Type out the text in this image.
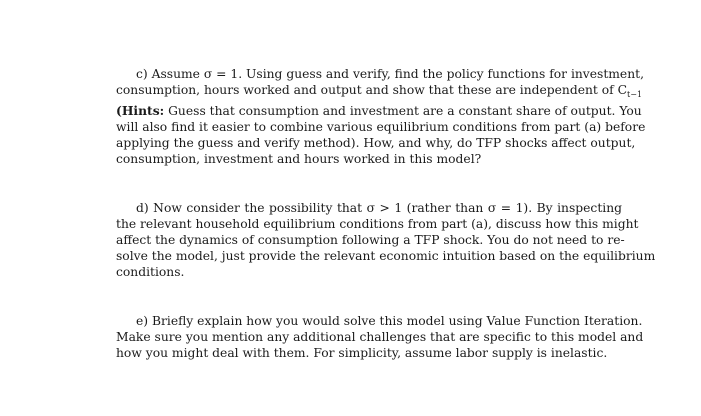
c) Assume σ = 1. Using guess and verify, find the policy functions for investment,
consumption, hours worked and output and show that these are independent of $C_{t-1}$
(Hints: Guess that consumption and investment are a constant share of output. You
will also find it easier to combine various equilibrium conditions from part (a) before
applying the guess and verify method). How, and why, do TFP shocks affect output,
consumption, investment and hours worked in this model?
d) Now consider the possibility that σ > 1 (rather than σ = 1). By inspecting
the relevant household equilibrium conditions from part (a), discuss how this might
affect the dynamics of consumption following a TFP shock. You do not need to re-
solve the model, just provide the relevant economic intuition based on the equilibrium
conditions.
e) Briefly explain how you would solve this model using Value Function Iteration.
Make sure you mention any additional challenges that are specific to this model and
how you might deal with them. For simplicity, assume labor supply is inelastic.
